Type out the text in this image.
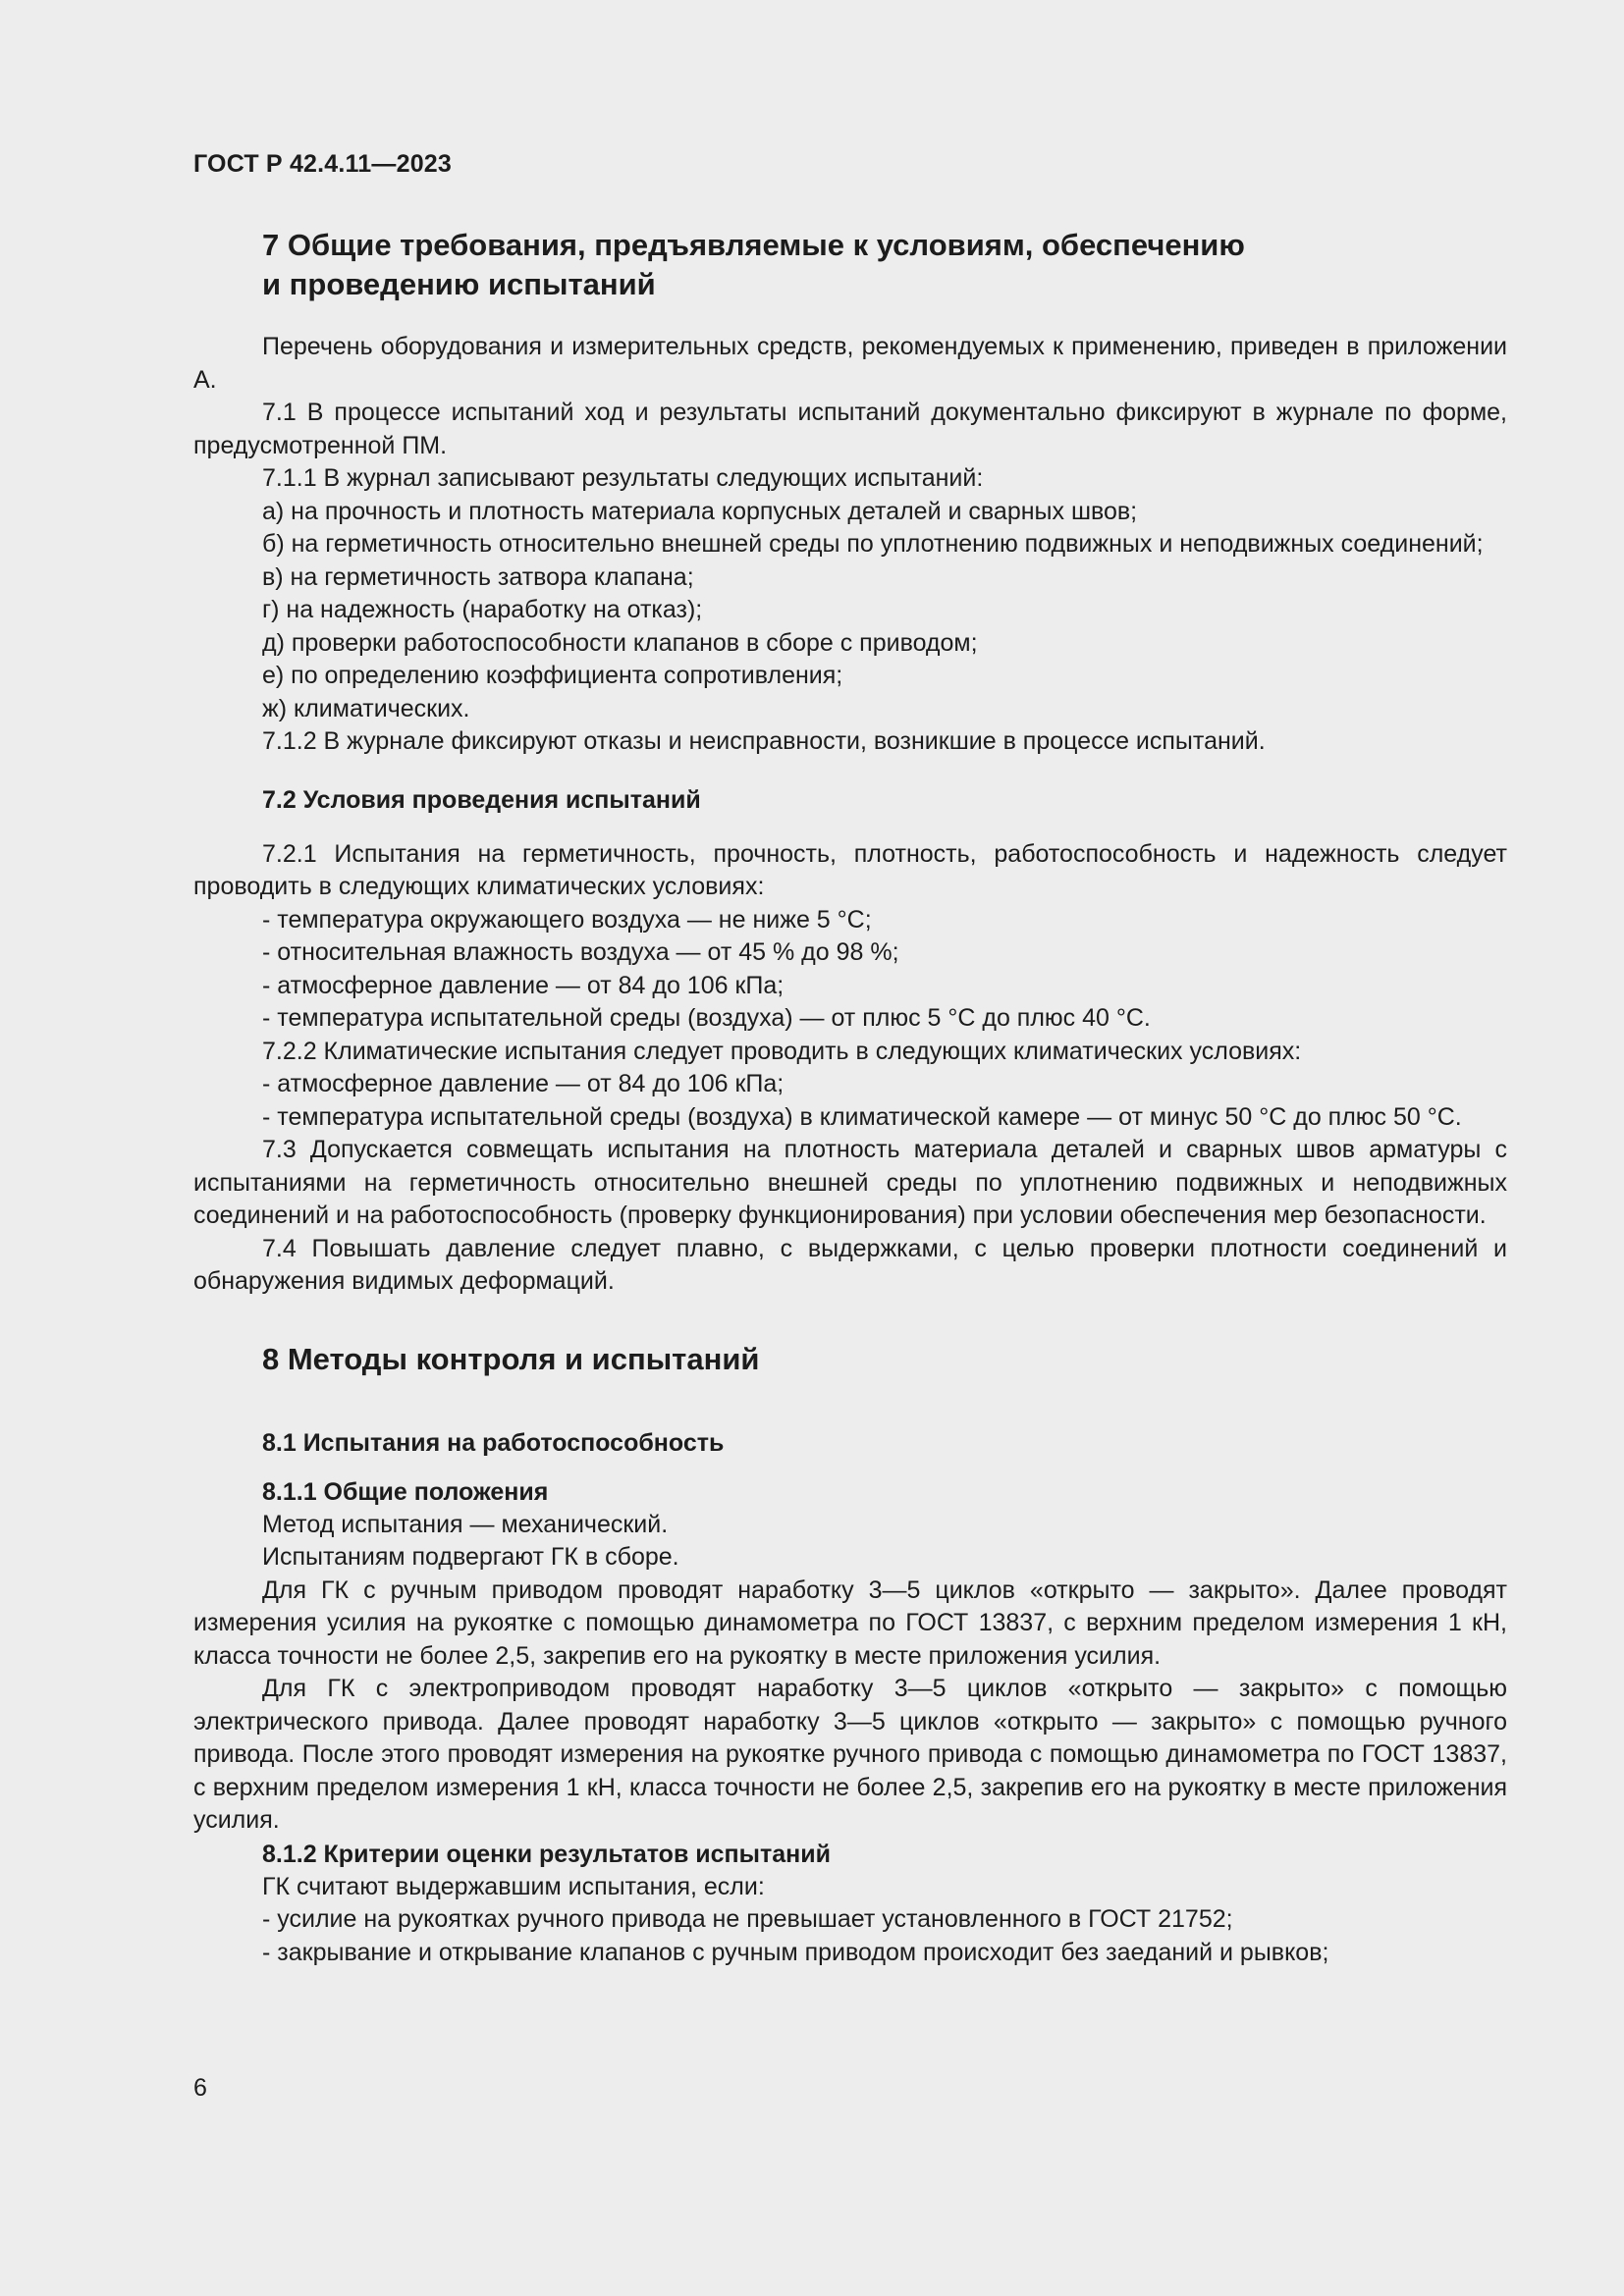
ГОСТ Р 42.4.11—2023
7 Общие требования, предъявляемые к условиям, обеспечению
и проведению испытаний

Перечень оборудования и измерительных средств, рекомендуемых к применению, приведен в приложении А.

7.1 В процессе испытаний ход и результаты испытаний документально фиксируют в журнале по форме, предусмотренной ПМ.

7.1.1 В журнал записывают результаты следующих испытаний:

а) на прочность и плотность материала корпусных деталей и сварных швов;

б) на герметичность относительно внешней среды по уплотнению подвижных и неподвижных соединений;

в) на герметичность затвора клапана;

г) на надежность (наработку на отказ);

д) проверки работоспособности клапанов в сборе с приводом;

е) по определению коэффициента сопротивления;

ж) климатических.

7.1.2 В журнале фиксируют отказы и неисправности, возникшие в процессе испытаний.

7.2 Условия проведения испытаний

7.2.1 Испытания на герметичность, прочность, плотность, работоспособность и надежность следует проводить в следующих климатических условиях:

- температура окружающего воздуха — не ниже 5 °С;

- относительная влажность воздуха — от 45 % до 98 %;

- атмосферное давление — от 84 до 106 кПа;

- температура испытательной среды (воздуха) — от плюс 5 °С до плюс 40 °С.

7.2.2 Климатические испытания следует проводить в следующих климатических условиях:

- атмосферное давление — от 84 до 106 кПа;

- температура испытательной среды (воздуха) в климатической камере — от минус 50 °С до плюс 50 °С.

7.3 Допускается совмещать испытания на плотность материала деталей и сварных швов арматуры с испытаниями на герметичность относительно внешней среды по уплотнению подвижных и неподвижных соединений и на работоспособность (проверку функционирования) при условии обеспечения мер безопасности.

7.4 Повышать давление следует плавно, с выдержками, с целью проверки плотности соединений и обнаружения видимых деформаций.

8 Методы контроля и испытаний
8.1 Испытания на работоспособность
8.1.1 Общие положения

Метод испытания — механический.

Испытаниям подвергают ГК в сборе.

Для ГК с ручным приводом проводят наработку 3—5 циклов «открыто — закрыто». Далее проводят измерения усилия на рукоятке с помощью динамометра по ГОСТ 13837, с верхним пределом измерения 1 кН, класса точности не более 2,5, закрепив его на рукоятку в месте приложения усилия.

Для ГК с электроприводом проводят наработку 3—5 циклов «открыто — закрыто» с помощью электрического привода. Далее проводят наработку 3—5 циклов «открыто — закрыто» с помощью ручного привода. После этого проводят измерения на рукоятке ручного привода с помощью динамометра по ГОСТ 13837, с верхним пределом измерения 1 кН, класса точности не более 2,5, закрепив его на рукоятку в месте приложения усилия.

8.1.2 Критерии оценки результатов испытаний

ГК считают выдержавшим испытания, если:

- усилие на рукоятках ручного привода не превышает установленного в ГОСТ 21752;

- закрывание и открывание клапанов с ручным приводом происходит без заеданий и рывков;

6
